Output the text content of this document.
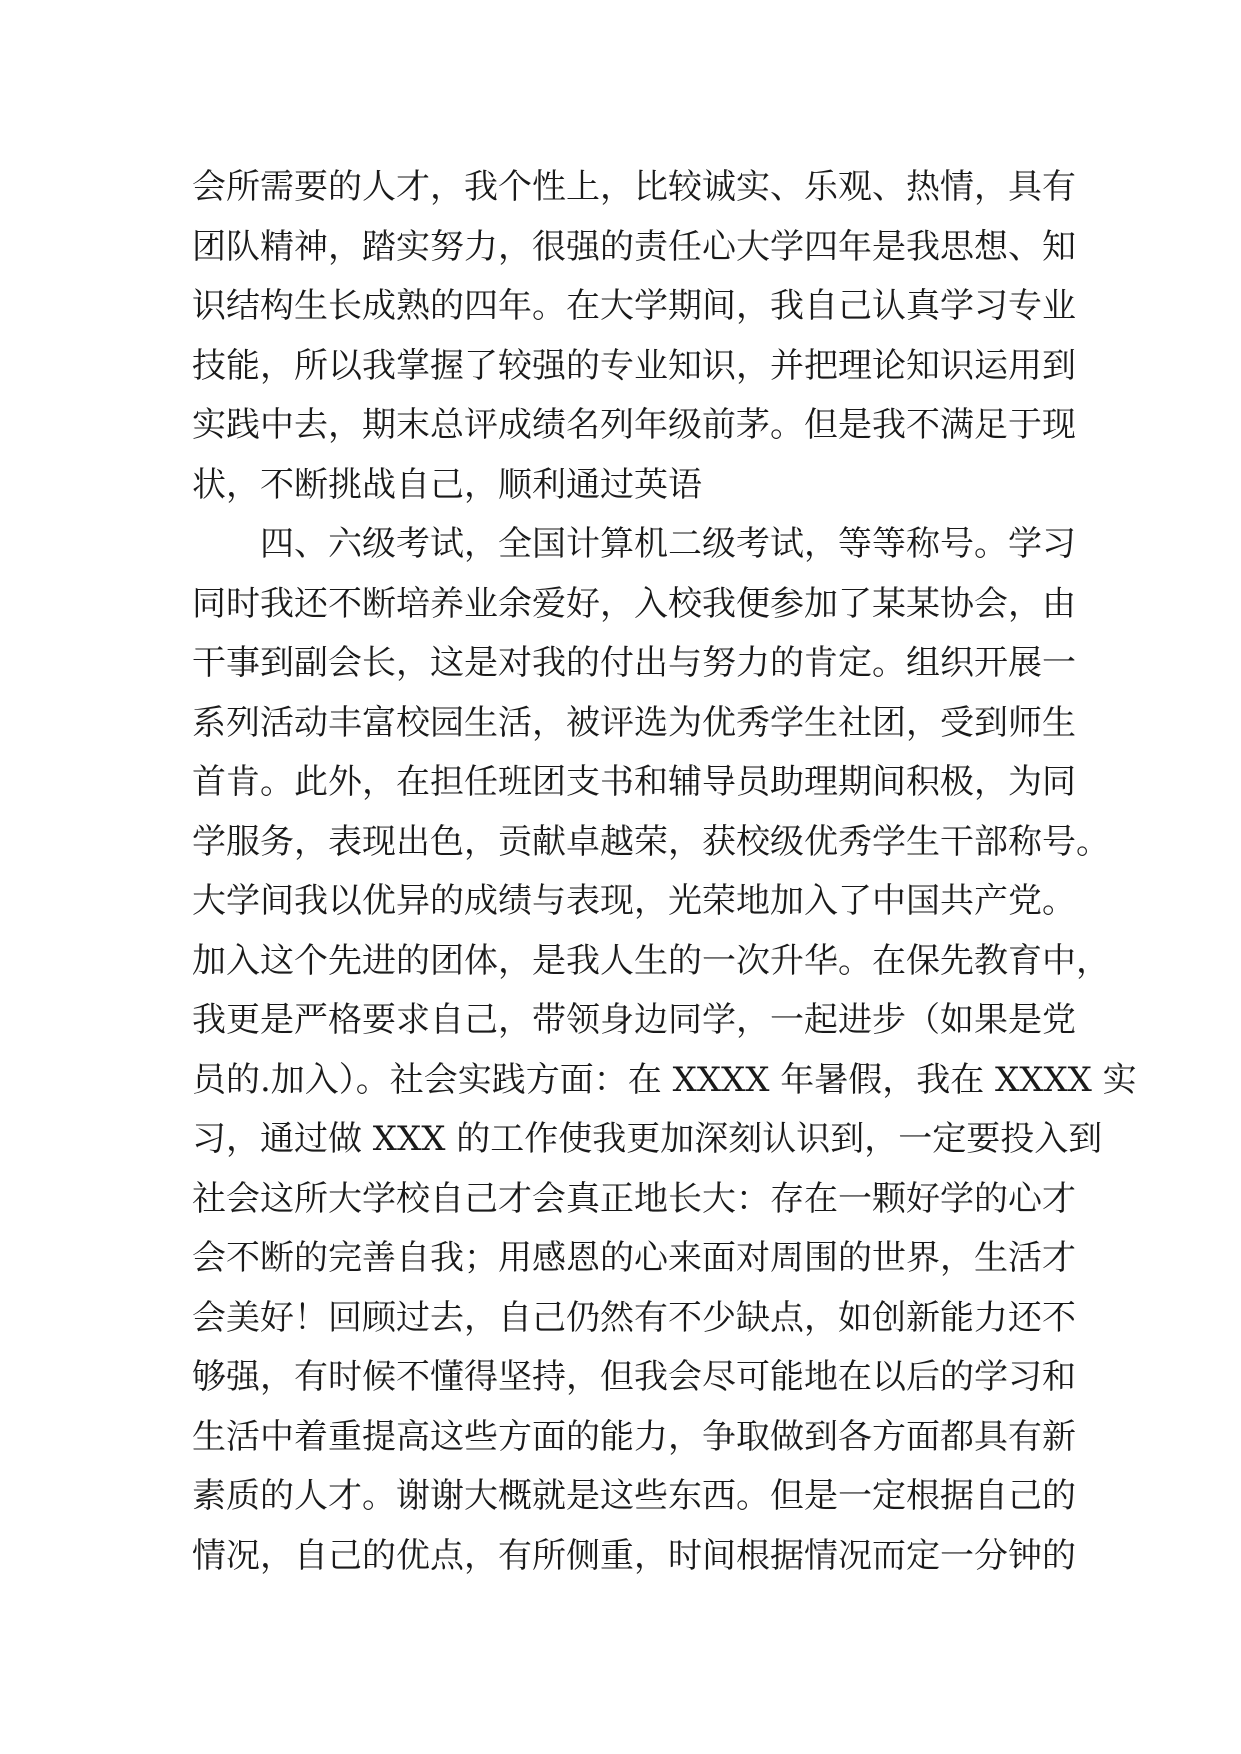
会所需要的人才，我个性上，比较诚实、乐观、热情，具有
团队精神，踏实努力，很强的责任心大学四年是我思想、知
识结构生长成熟的四年。在大学期间，我自己认真学习专业
技能，所以我掌握了较强的专业知识，并把理论知识运用到
实践中去，期末总评成绩名列年级前茅。但是我不满足于现
状，不断挑战自己，顺利通过英语
四、六级考试，全国计算机二级考试，等等称号。学习
同时我还不断培养业余爱好，入校我便参加了某某协会，由
干事到副会长，这是对我的付出与努力的肯定。组织开展一
系列活动丰富校园生活，被评选为优秀学生社团，受到师生
首肯。此外，在担任班团支书和辅导员助理期间积极，为同
学服务，表现出色，贡献卓越荣，获校级优秀学生干部称号。
大学间我以优异的成绩与表现，光荣地加入了中国共产党。
加入这个先进的团体，是我人生的一次升华。在保先教育中，
我更是严格要求自己，带领身边同学，一起进步（如果是党
员的.加入）。社会实践方面：在 XXXX 年暑假，我在 XXXX 实
习，通过做 XXX 的工作使我更加深刻认识到，一定要投入到
社会这所大学校自己才会真正地长大：存在一颗好学的心才
会不断的完善自我；用感恩的心来面对周围的世界，生活才
会美好！回顾过去，自己仍然有不少缺点，如创新能力还不
够强，有时候不懂得坚持，但我会尽可能地在以后的学习和
生活中着重提高这些方面的能力，争取做到各方面都具有新
素质的人才。谢谢大概就是这些东西。但是一定根据自己的
情况，自己的优点，有所侧重，时间根据情况而定一分钟的
